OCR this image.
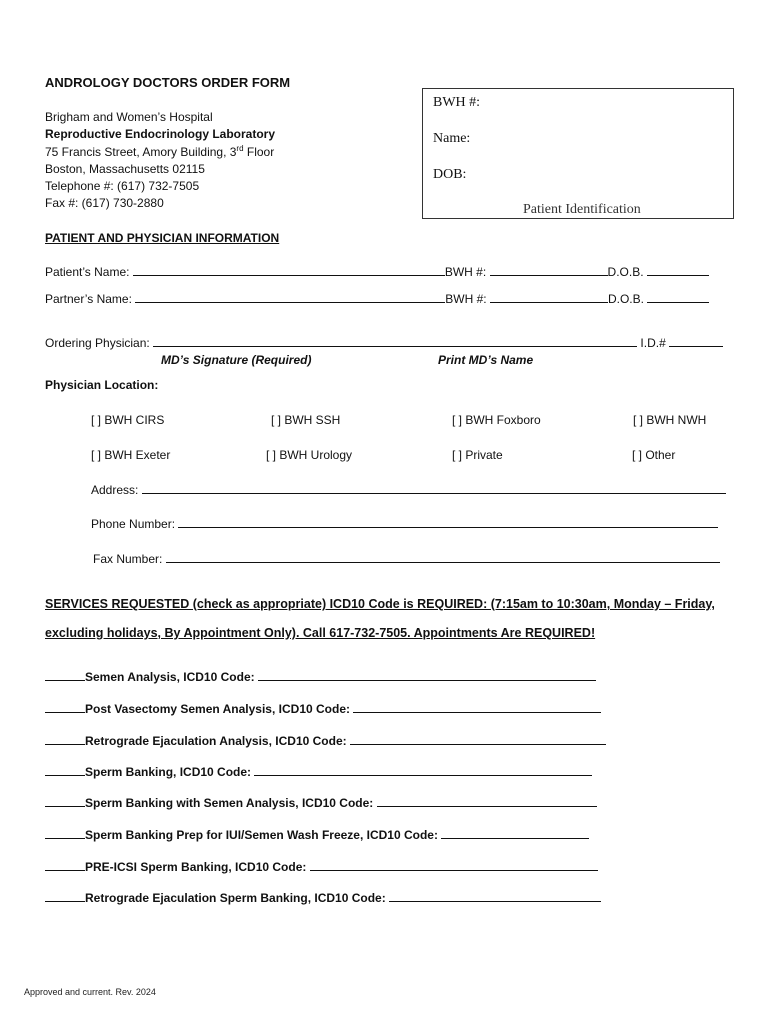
ANDROLOGY DOCTORS ORDER FORM
Brigham and Women’s Hospital
Reproductive Endocrinology Laboratory
75 Francis Street, Amory Building, 3rd Floor
Boston, Massachusetts 02115
Telephone #: (617) 732-7505
Fax #: (617) 730-2880
BWH #:
Name:
DOB:
Patient Identification
PATIENT AND PHYSICIAN INFORMATION
Patient’s Name:	BWH #:	D.O.B.
Partner’s Name:	BWH #:	D.O.B.
Ordering Physician:	I.D.#
MD’s Signature (Required)	Print MD’s Name
Physician Location:
[ ] BWH CIRS	[ ] BWH SSH	[ ] BWH Foxboro	[ ] BWH NWH
[ ] BWH Exeter	[ ] BWH Urology	[ ] Private	[ ] Other
Address:
Phone Number:
Fax Number:
SERVICES REQUESTED (check as appropriate) ICD10 Code is REQUIRED: (7:15am to 10:30am, Monday – Friday,
excluding holidays, By Appointment Only). Call 617-732-7505. Appointments Are REQUIRED!
Semen Analysis, ICD10 Code:
Post Vasectomy Semen Analysis, ICD10 Code:
Retrograde Ejaculation Analysis, ICD10 Code:
Sperm Banking, ICD10 Code:
Sperm Banking with Semen Analysis, ICD10 Code:
Sperm Banking Prep for IUI/Semen Wash Freeze, ICD10 Code:
PRE-ICSI Sperm Banking, ICD10 Code:
Retrograde Ejaculation Sperm Banking, ICD10 Code:
Approved and current. Rev. 2024
